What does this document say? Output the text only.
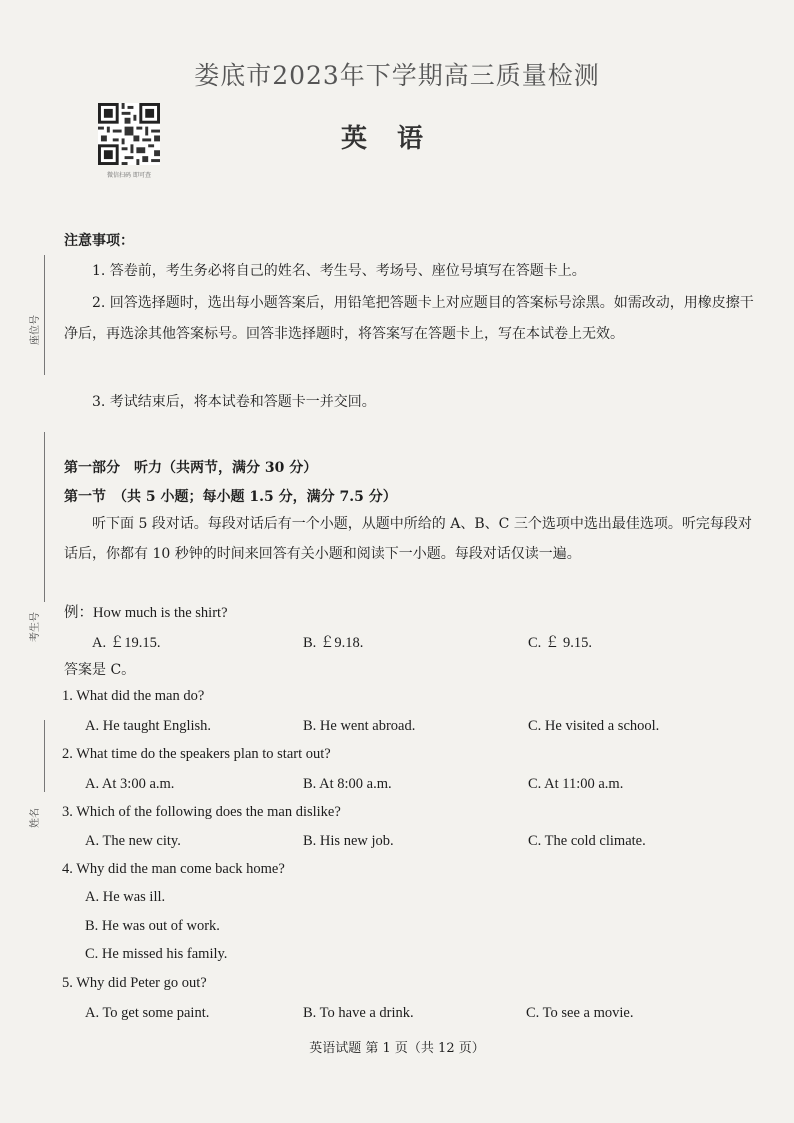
座位号
考生号
姓名
娄底市2023年下学期高三质量检测
英语
微信扫码 即可查
注意事项：
1. 答卷前，考生务必将自己的姓名、考生号、考场号、座位号填写在答题卡上。
2. 回答选择题时，选出每小题答案后，用铅笔把答题卡上对应题目的答案标号涂黑。如需改动，用橡皮擦干净后，再选涂其他答案标号。回答非选择题时，将答案写在答题卡上，写在本试卷上无效。
3. 考试结束后，将本试卷和答题卡一并交回。
第一部分　听力（共两节，满分 30 分）
第一节　（共 5 小题；每小题 1.5 分，满分 7.5 分）
听下面 5 段对话。每段对话后有一个小题，从题中所给的 A、B、C 三个选项中选出最佳选项。听完每段对话后，你都有 10 秒钟的时间来回答有关小题和阅读下一小题。每段对话仅读一遍。
例：How much is the shirt?
A. ￡19.15.	B. ￡9.18.	C. ￡ 9.15.
答案是 C。
1. What did the man do?
A. He taught English.	B. He went abroad.	C. He visited a school.
2. What time do the speakers plan to start out?
A. At 3:00 a.m.	B. At 8:00 a.m.	C. At 11:00 a.m.
3. Which of the following does the man dislike?
A. The new city.	B. His new job.	C. The cold climate.
4. Why did the man come back home?
A. He was ill.
B. He was out of work.
C. He missed his family.
5. Why did Peter go out?
A. To get some paint.	B. To have a drink.	C. To see a movie.
英语试题 第 1 页（共 12 页）
